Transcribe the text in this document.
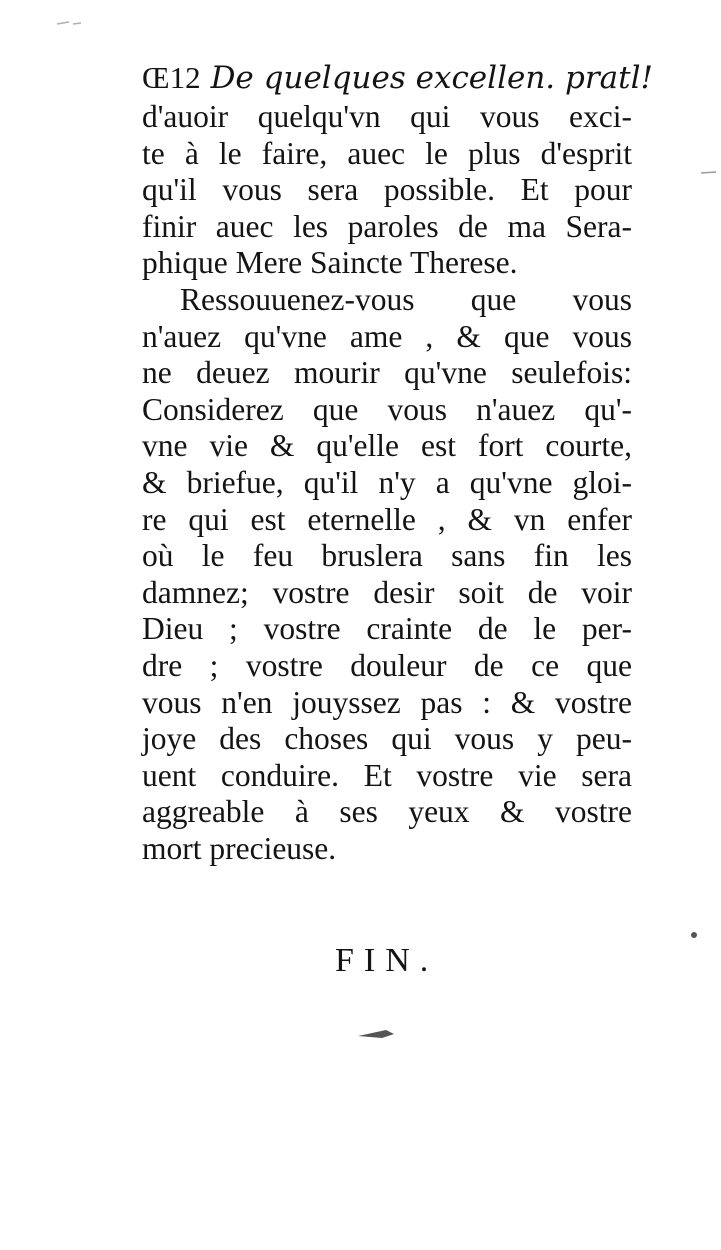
Œ12 De quelques excellen. pratl!
d'auoir quelqu'vn qui vous exci-
te à le faire, auec le plus d'esprit
qu'il vous sera possible. Et pour
finir auec les paroles de ma Sera-
phique Mere Saincte Therese.
Ressouuenez-vous que vous
n'auez qu'vne ame , & que vous
ne deuez mourir qu'vne seulefois:
Considerez que vous n'auez qu'-
vne vie & qu'elle est fort courte,
& briefue, qu'il n'y a qu'vne gloi-
re qui est eternelle , & vn enfer
où le feu bruslera sans fin les
damnez; vostre desir soit de voir
Dieu ; vostre crainte de le per-
dre ; vostre douleur de ce que
vous n'en jouyssez pas : & vostre
joye des choses qui vous y peu-
uent conduire. Et vostre vie sera
aggreable à ses yeux & vostre
mort precieuse.
FIN.
